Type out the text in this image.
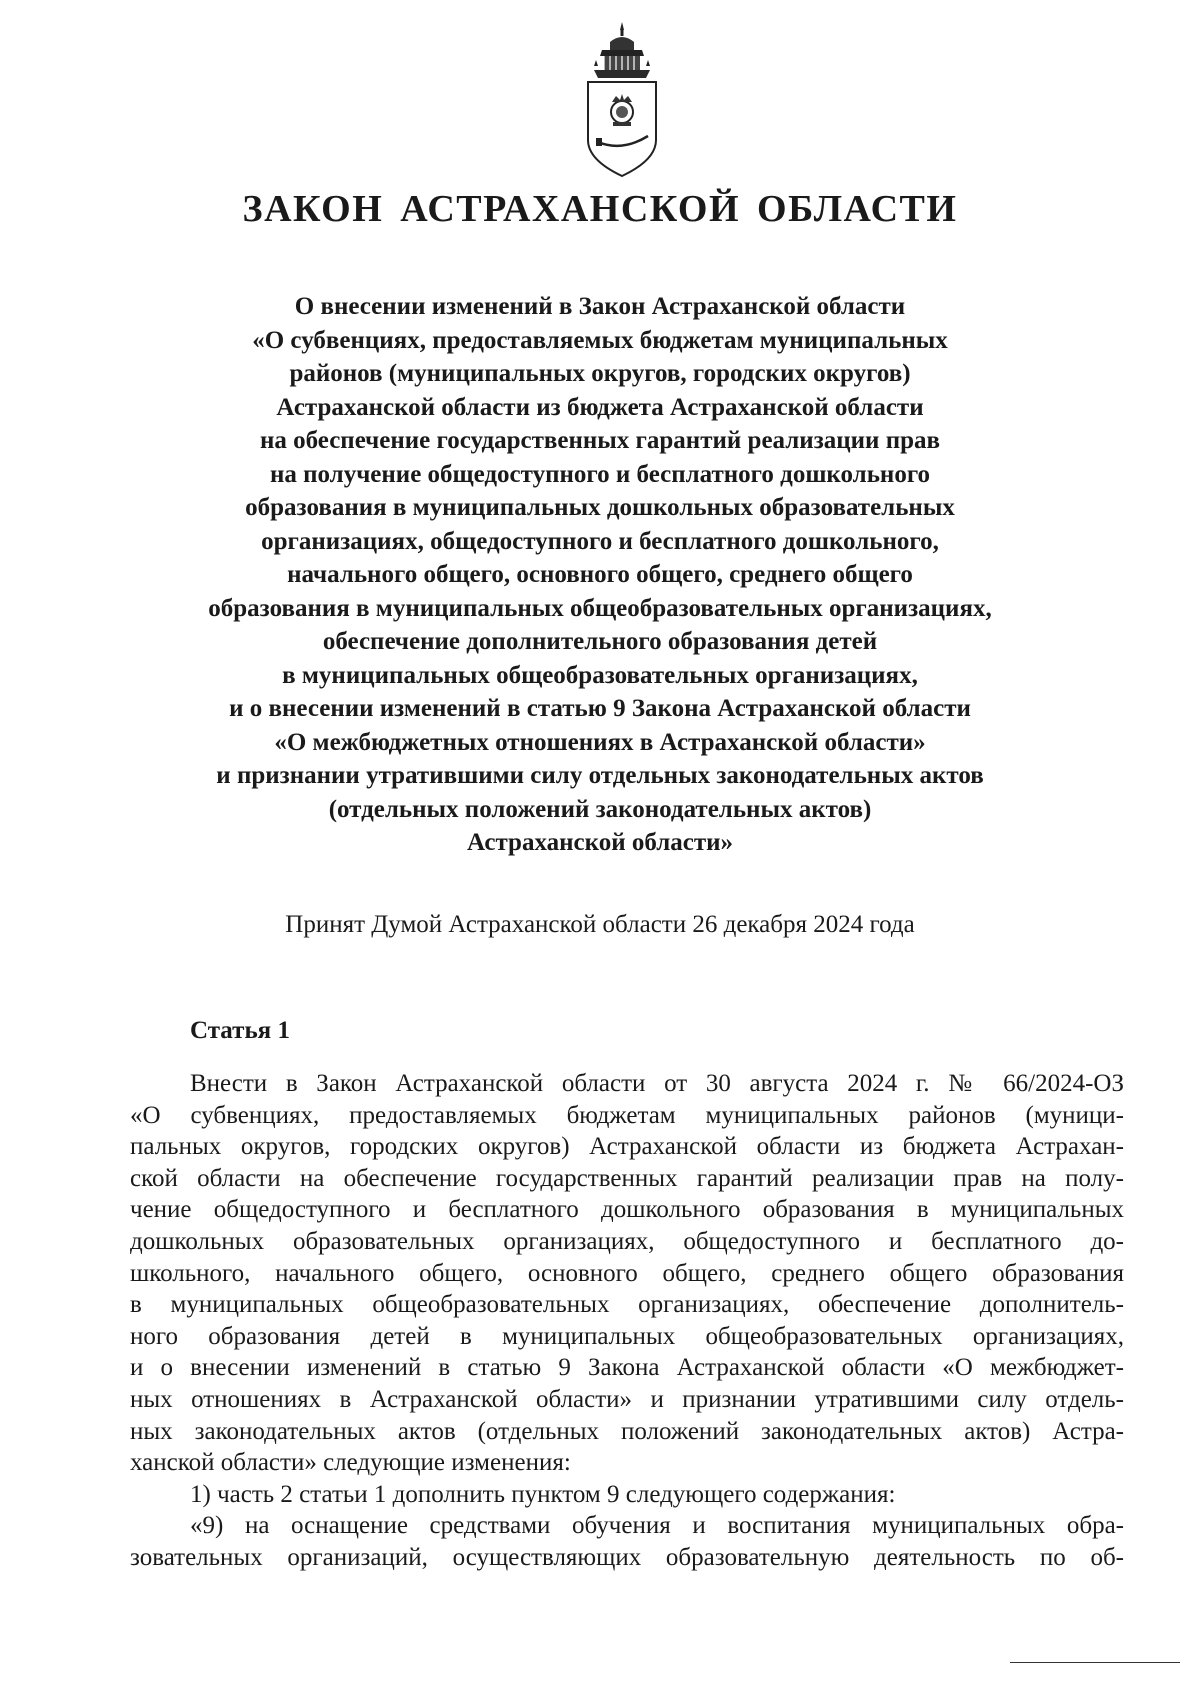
ЗАКОН АСТРАХАНСКОЙ ОБЛАСТИ
О внесении изменений в Закон Астраханской области
«О субвенциях, предоставляемых бюджетам муниципальных
районов (муниципальных округов, городских округов)
Астраханской области из бюджета Астраханской области
на обеспечение государственных гарантий реализации прав
на получение общедоступного и бесплатного дошкольного
образования в муниципальных дошкольных образовательных
организациях, общедоступного и бесплатного дошкольного,
начального общего, основного общего, среднего общего
образования в муниципальных общеобразовательных организациях,
обеспечение дополнительного образования детей
в муниципальных общеобразовательных организациях,
и о внесении изменений в статью 9 Закона Астраханской области
«О межбюджетных отношениях в Астраханской области»
и признании утратившими силу отдельных законодательных актов
(отдельных положений законодательных актов)
Астраханской области»
Принят Думой Астраханской области 26 декабря 2024 года
Статья 1
Внести в Закон Астраханской области от 30 августа 2024 г. № 66/2024-ОЗ
«О субвенциях, предоставляемых бюджетам муниципальных районов (муници-
пальных округов, городских округов) Астраханской области из бюджета Астрахан-
ской области на обеспечение государственных гарантий реализации прав на полу-
чение общедоступного и бесплатного дошкольного образования в муниципальных
дошкольных образовательных организациях, общедоступного и бесплатного до-
школьного, начального общего, основного общего, среднего общего образования
в муниципальных общеобразовательных организациях, обеспечение дополнитель-
ного образования детей в муниципальных общеобразовательных организациях,
и о внесении изменений в статью 9 Закона Астраханской области «О межбюджет-
ных отношениях в Астраханской области» и признании утратившими силу отдель-
ных законодательных актов (отдельных положений законодательных актов) Астра-
ханской области» следующие изменения:
1) часть 2 статьи 1 дополнить пунктом 9 следующего содержания:
«9) на оснащение средствами обучения и воспитания муниципальных обра-
зовательных организаций, осуществляющих образовательную деятельность по об-
